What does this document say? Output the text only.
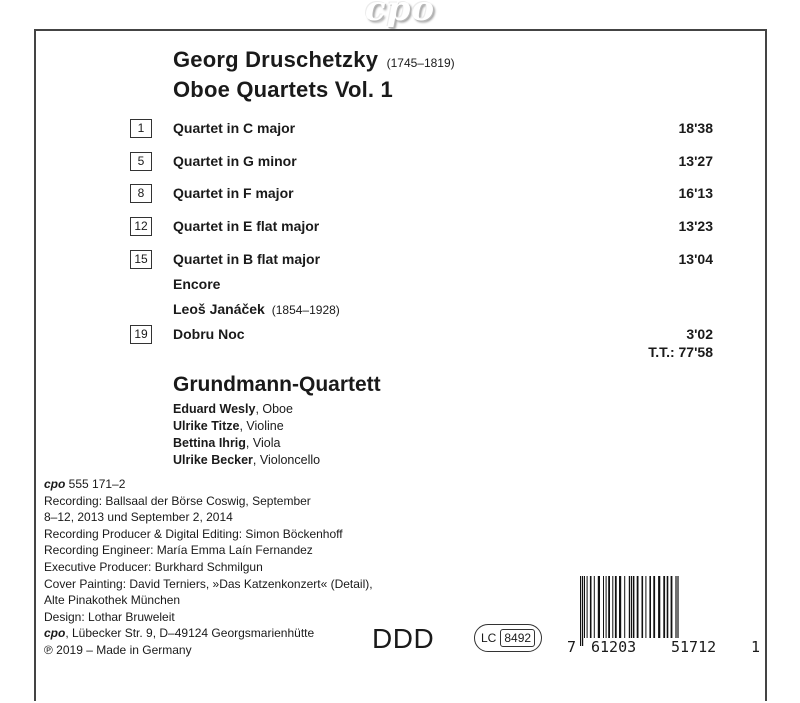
cpo
Georg Druschetzky (1745–1819)
Oboe Quartets Vol. 1
1	Quartet in C major	18'38
5	Quartet in G minor	13'27
8	Quartet in F major	16'13
12	Quartet in E flat major	13'23
15	Quartet in B flat major	13'04
Encore
Leoš Janáček (1854–1928)
19	Dobru Noc	3'02
T.T.: 77'58
Grundmann-Quartett
Eduard Wesly, Oboe
Ulrike Titze, Violine
Bettina Ihrig, Viola
Ulrike Becker, Violoncello
cpo 555 171–2
Recording: Ballsaal der Börse Coswig, September
8–12, 2013 und September 2, 2014
Recording Producer & Digital Editing: Simon Böckenhoff
Recording Engineer: María Emma Laín Fernandez
Executive Producer: Burkhard Schmilgun
Cover Painting: David Terniers, »Das Katzenkonzert« (Detail),
Alte Pinakothek München
Design: Lothar Bruweleit
cpo, Lübecker Str. 9, D–49124 Georgsmarienhütte
℗ 2019 – Made in Germany	DDD	LC 8492 7 61203 51712 1
